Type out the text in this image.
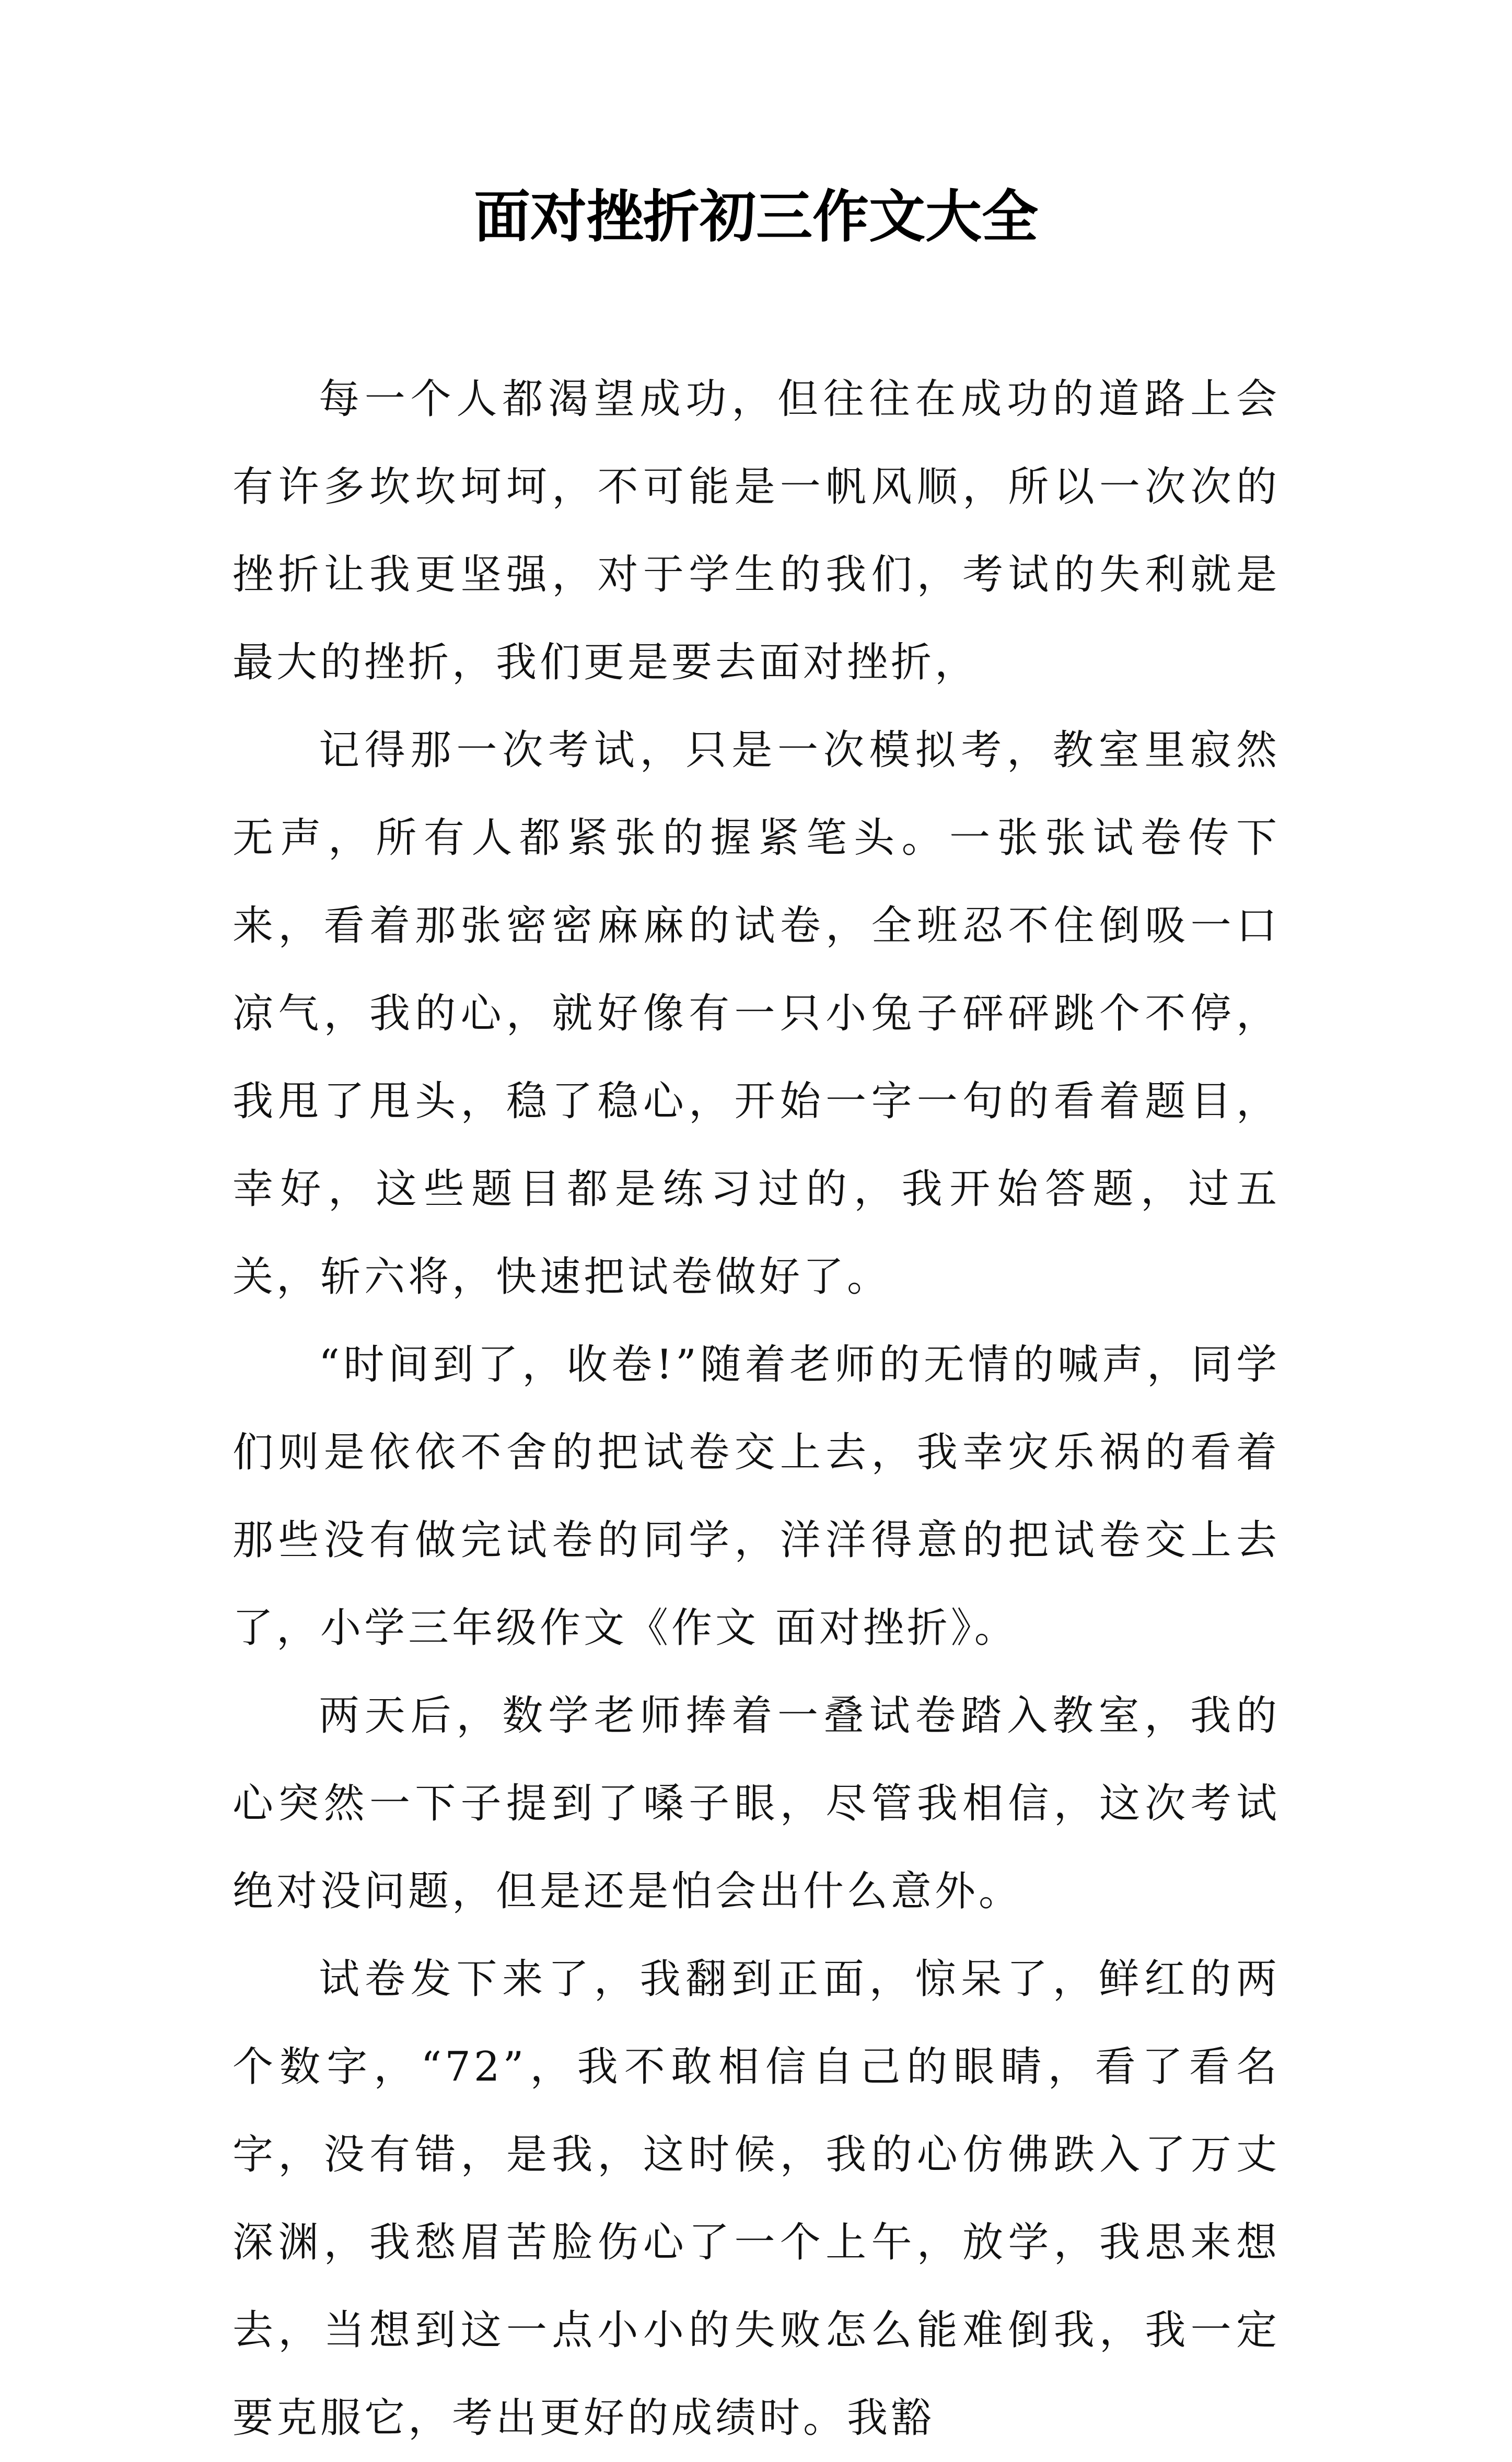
面对挫折初三作文大全

每一个人都渴望成功，但往往在成功的道路上会有许多坎坎坷坷，不可能是一帆风顺，所以一次次的挫折让我更坚强，对于学生的我们，考试的失利就是最大的挫折，我们更是要去面对挫折，

记得那一次考试，只是一次模拟考，教室里寂然无声，所有人都紧张的握紧笔头。一张张试卷传下来，看着那张密密麻麻的试卷，全班忍不住倒吸一口凉气，我的心，就好像有一只小兔子砰砰跳个不停，我甩了甩头，稳了稳心，开始一字一句的看着题目，幸好，这些题目都是练习过的，我开始答题，过五关，斩六将，快速把试卷做好了。

“时间到了，收卷!”随着老师的无情的喊声，同学们则是依依不舍的把试卷交上去，我幸灾乐祸的看着那些没有做完试卷的同学，洋洋得意的把试卷交上去了，小学三年级作文《作文 面对挫折》。

两天后，数学老师捧着一叠试卷踏入教室，我的心突然一下子提到了嗓子眼，尽管我相信，这次考试绝对没问题，但是还是怕会出什么意外。

试卷发下来了，我翻到正面，惊呆了，鲜红的两个数字，“72”，我不敢相信自己的眼睛，看了看名字，没有错，是我，这时候，我的心仿佛跌入了万丈深渊，我愁眉苦脸伤心了一个上午，放学，我思来想去，当想到这一点小小的失败怎么能难倒我，我一定要克服它，考出更好的成绩时。我豁
